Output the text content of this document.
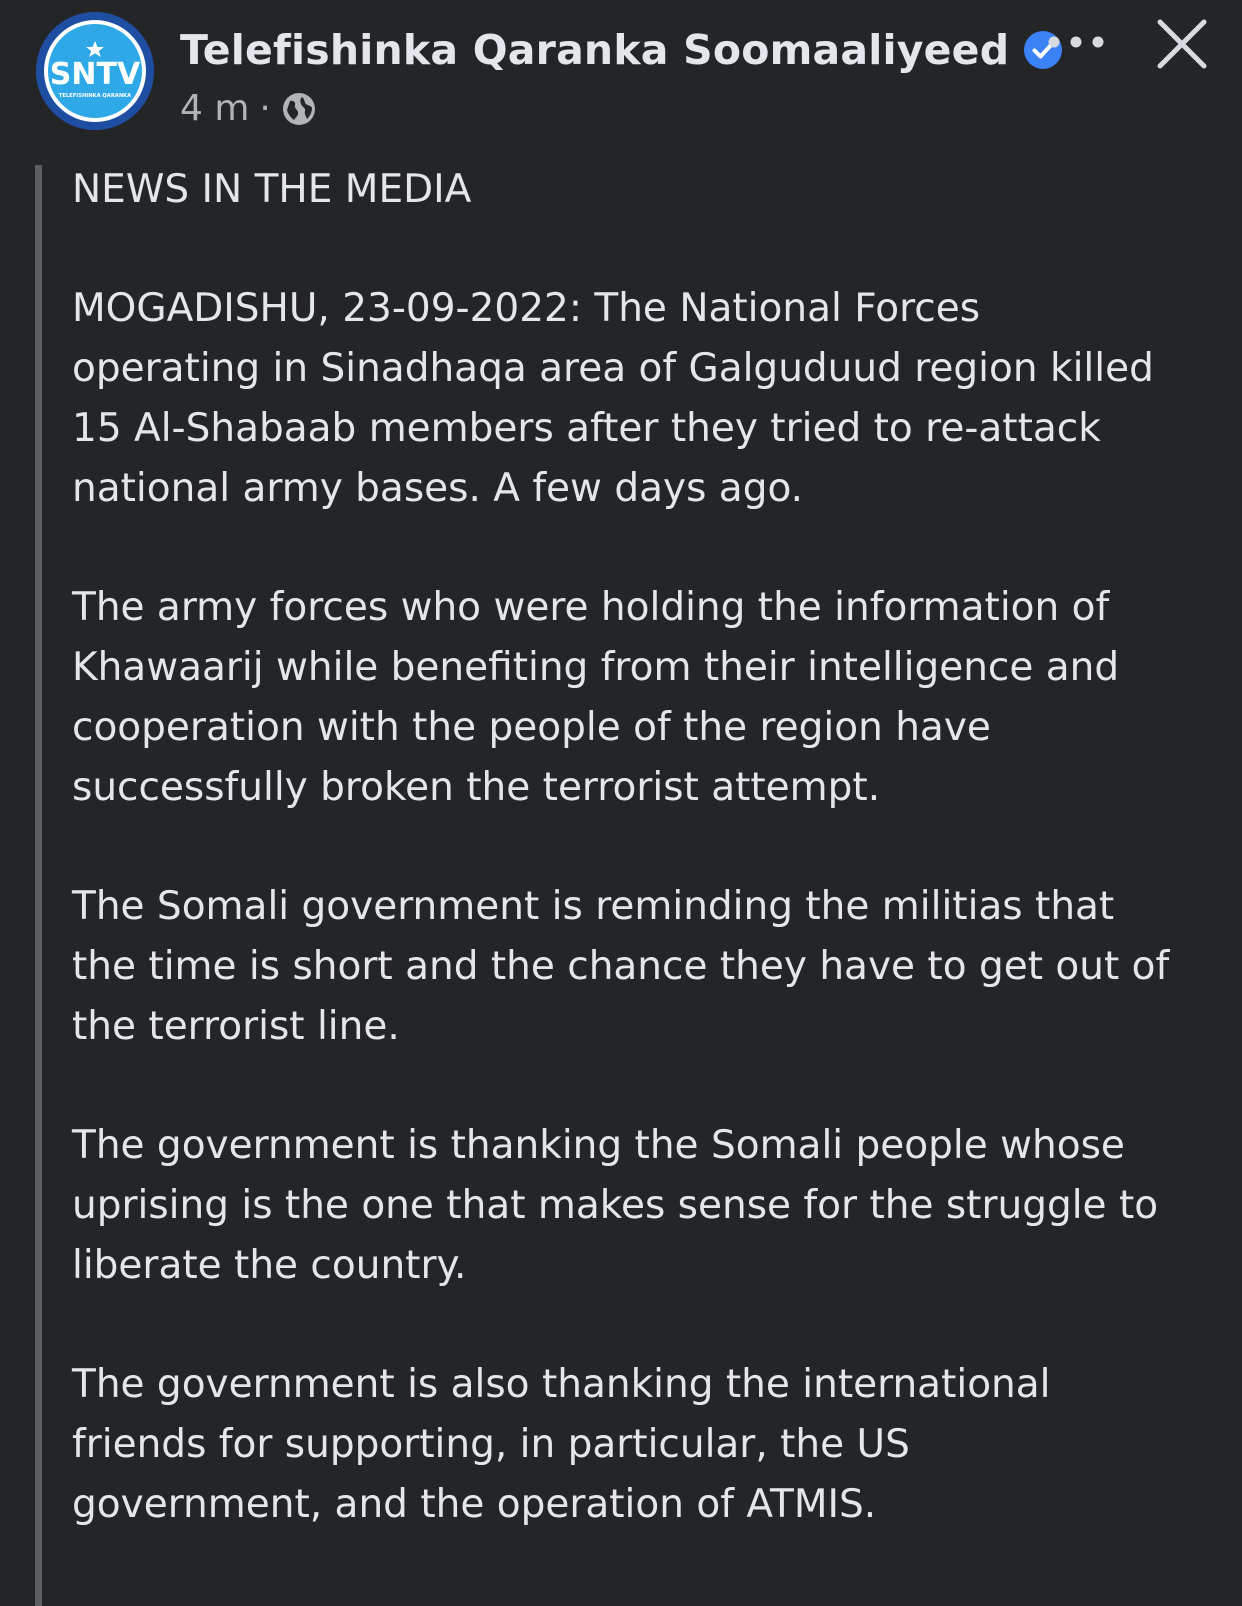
SNTV
TELEFISHINKA QARANKA
Telefishinka Qaranka Soomaaliyeed
4 m ·

NEWS IN THE MEDIA

MOGADISHU, 23-09-2022: The National Forces
operating in Sinadhaqa area of Galguduud region killed
15 Al-Shabaab members after they tried to re-attack
national army bases. A few days ago.

The army forces who were holding the information of
Khawaarij while benefiting from their intelligence and
cooperation with the people of the region have
successfully broken the terrorist attempt.

The Somali government is reminding the militias that
the time is short and the chance they have to get out of
the terrorist line.

The government is thanking the Somali people whose
uprising is the one that makes sense for the struggle to
liberate the country.

The government is also thanking the international
friends for supporting, in particular, the US
government, and the operation of ATMIS.
